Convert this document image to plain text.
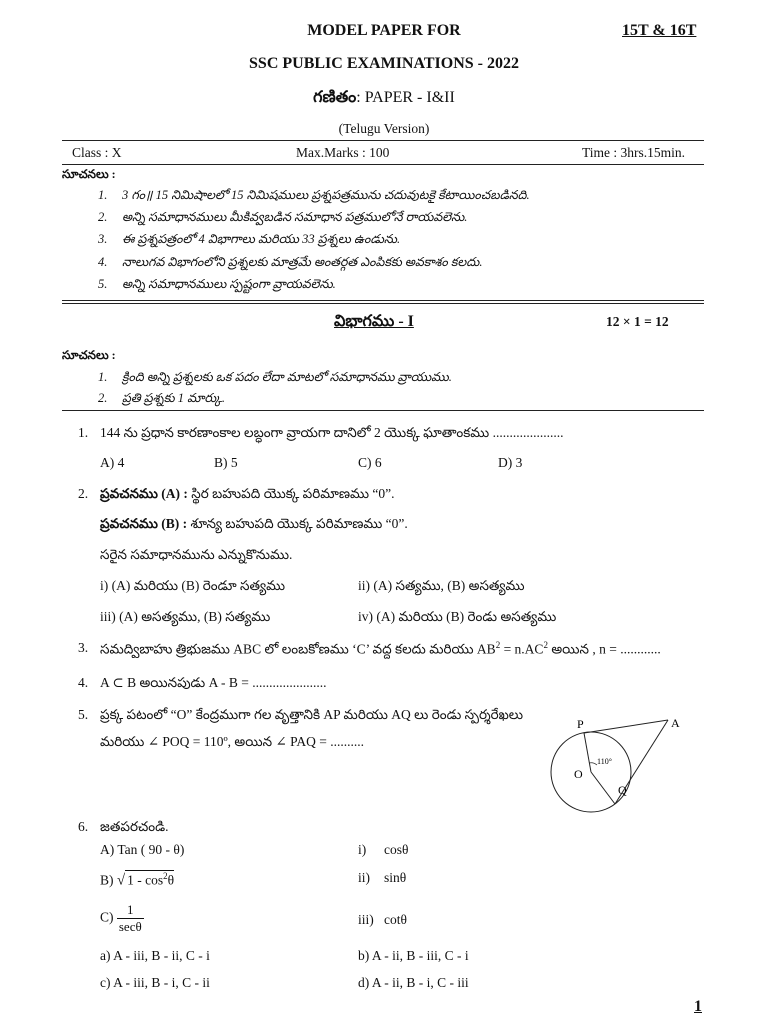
MODEL PAPER FOR	15T & 16T
SSC PUBLIC EXAMINATIONS - 2022
గణితం: PAPER - I&II
(Telugu Version)
Class : X	Max.Marks : 100	Time : 3hrs.15min.
సూచనలు :
1. 3 గం॥ 15 నిమిషాలలో 15 నిమిషములు ప్రశ్నపత్రమును చదువుటకై కేటాయించబడినది.
2. అన్ని సమాధానములు మీకివ్వబడిన సమాధాన పత్రములోనే రాయవలెను.
3. ఈ ప్రశ్నపత్రంలో 4 విభాగాలు మరియు 33 ప్రశ్నలు ఉండును.
4. నాలుగవ విభాగంలోని ప్రశ్నలకు మాత్రమే అంతర్గత ఎంపికకు అవకాశం కలదు.
5. అన్ని సమాధానములు స్పష్టంగా వ్రాయవలెను.
విభాగము - I	12 × 1 = 12
సూచనలు :
1. క్రింది అన్ని ప్రశ్నలకు ఒక పదం లేదా మాటలో సమాధానము వ్రాయుము.
2. ప్రతి ప్రశ్నకు 1 మార్కు.
1. 144 ను ప్రధాన కారణాంకాల లబ్ధంగా వ్రాయగా దానిలో 2 యొక్క ఘాతాంకము .....................
A) 4	B) 5	C) 6	D) 3
2. ప్రవచనము (A) : స్థిర బహుపది యొక్క పరిమాణము “0”.
ప్రవచనము (B) : శూన్య బహుపది యొక్క పరిమాణము “0”.
సరైన సమాధానమును ఎన్నుకొనుము.
i) (A) మరియు (B) రెండూ సత్యము	ii) (A) సత్యము, (B) అసత్యము
iii) (A) అసత్యము, (B) సత్యము	iv) (A) మరియు (B) రెండు అసత్యము
3. సమద్విబాహు త్రిభుజము ABC లో లంబకోణము ‘C’ వద్ద కలదు మరియు $AB^2 = n.AC^2$ అయిన , n = ............
4. A ⊂ B అయినపుడు A - B = ......................
5. ప్రక్క పటంలో “O” కేంద్రముగా గల వృత్తానికి AP మరియు AQ లు రెండు స్పర్శరేఖలు
మరియు ∠ POQ = 110º, అయిన ∠ PAQ = ..........
P	A
O
Q
110°
6. జతపరచండి.
A) Tan ( 90 - θ)	i) cosθ
B) √ $1 - \cos^2\theta$	ii) sinθ
$C) \frac{1}{\sec\theta}$	iii) cotθ
a) A - iii, B - ii, C - i	b) A - ii, B - iii, C - i
c) A - iii, B - i, C - ii	d) A - ii, B - i, C - iii
1
